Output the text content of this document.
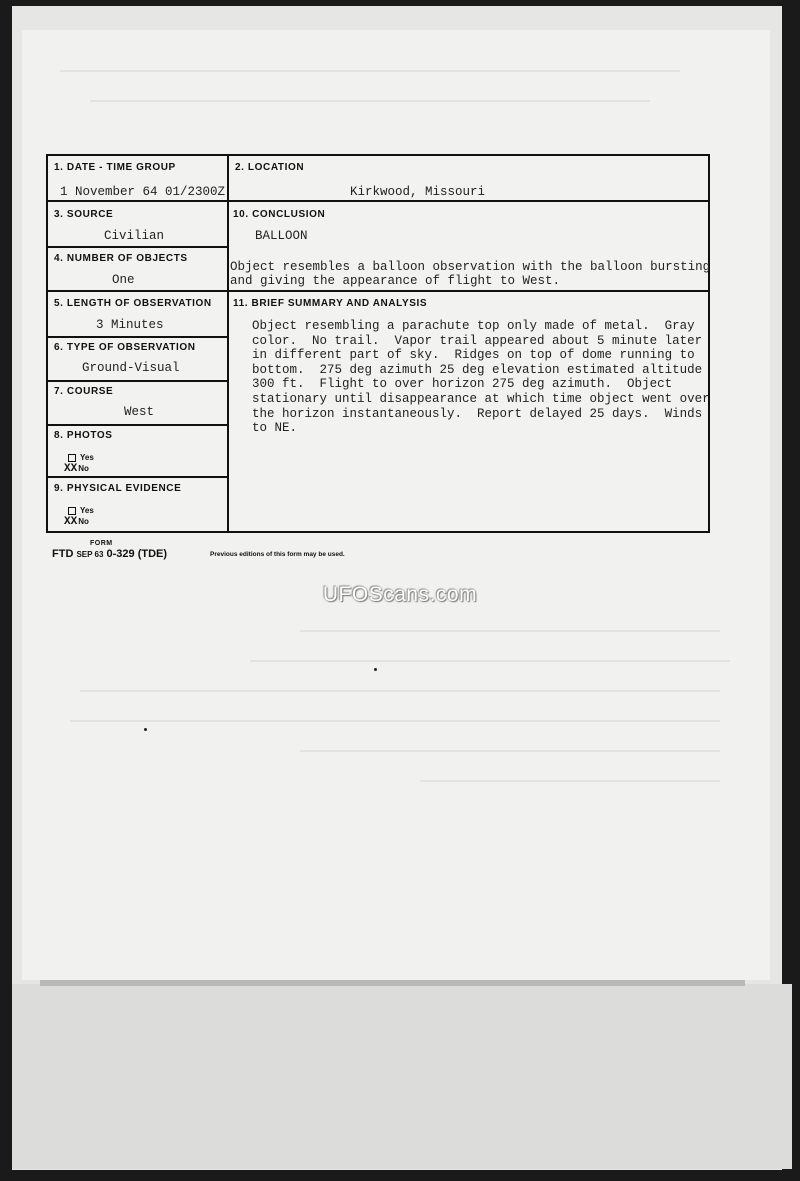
1. DATE - TIME GROUP
1 November 64 01/2300Z
2. LOCATION
Kirkwood, Missouri
3. SOURCE
Civilian
10. CONCLUSION
BALLOON
Object resembles a balloon observation with the balloon bursting
and giving the appearance of flight to West.
4. NUMBER OF OBJECTS
One
5. LENGTH OF OBSERVATION
3 Minutes
11. BRIEF SUMMARY AND ANALYSIS
Object resembling a parachute top only made of metal.  Gray
color.  No trail.  Vapor trail appeared about 5 minute later
in different part of sky.  Ridges on top of dome running to
bottom.  275 deg azimuth 25 deg elevation estimated altitude
300 ft.  Flight to over horizon 275 deg azimuth.  Object
stationary until disappearance at which time object went over
the horizon instantaneously.  Report delayed 25 days.  Winds
to NE.
6. TYPE OF OBSERVATION
Ground-Visual
7. COURSE
West
8. PHOTOS
Yes
XXNo
9. PHYSICAL EVIDENCE
Yes
XXNo
FORM
FTD SEP 63 0-329 (TDE)	Previous editions of this form may be used.
UFOScans.com
